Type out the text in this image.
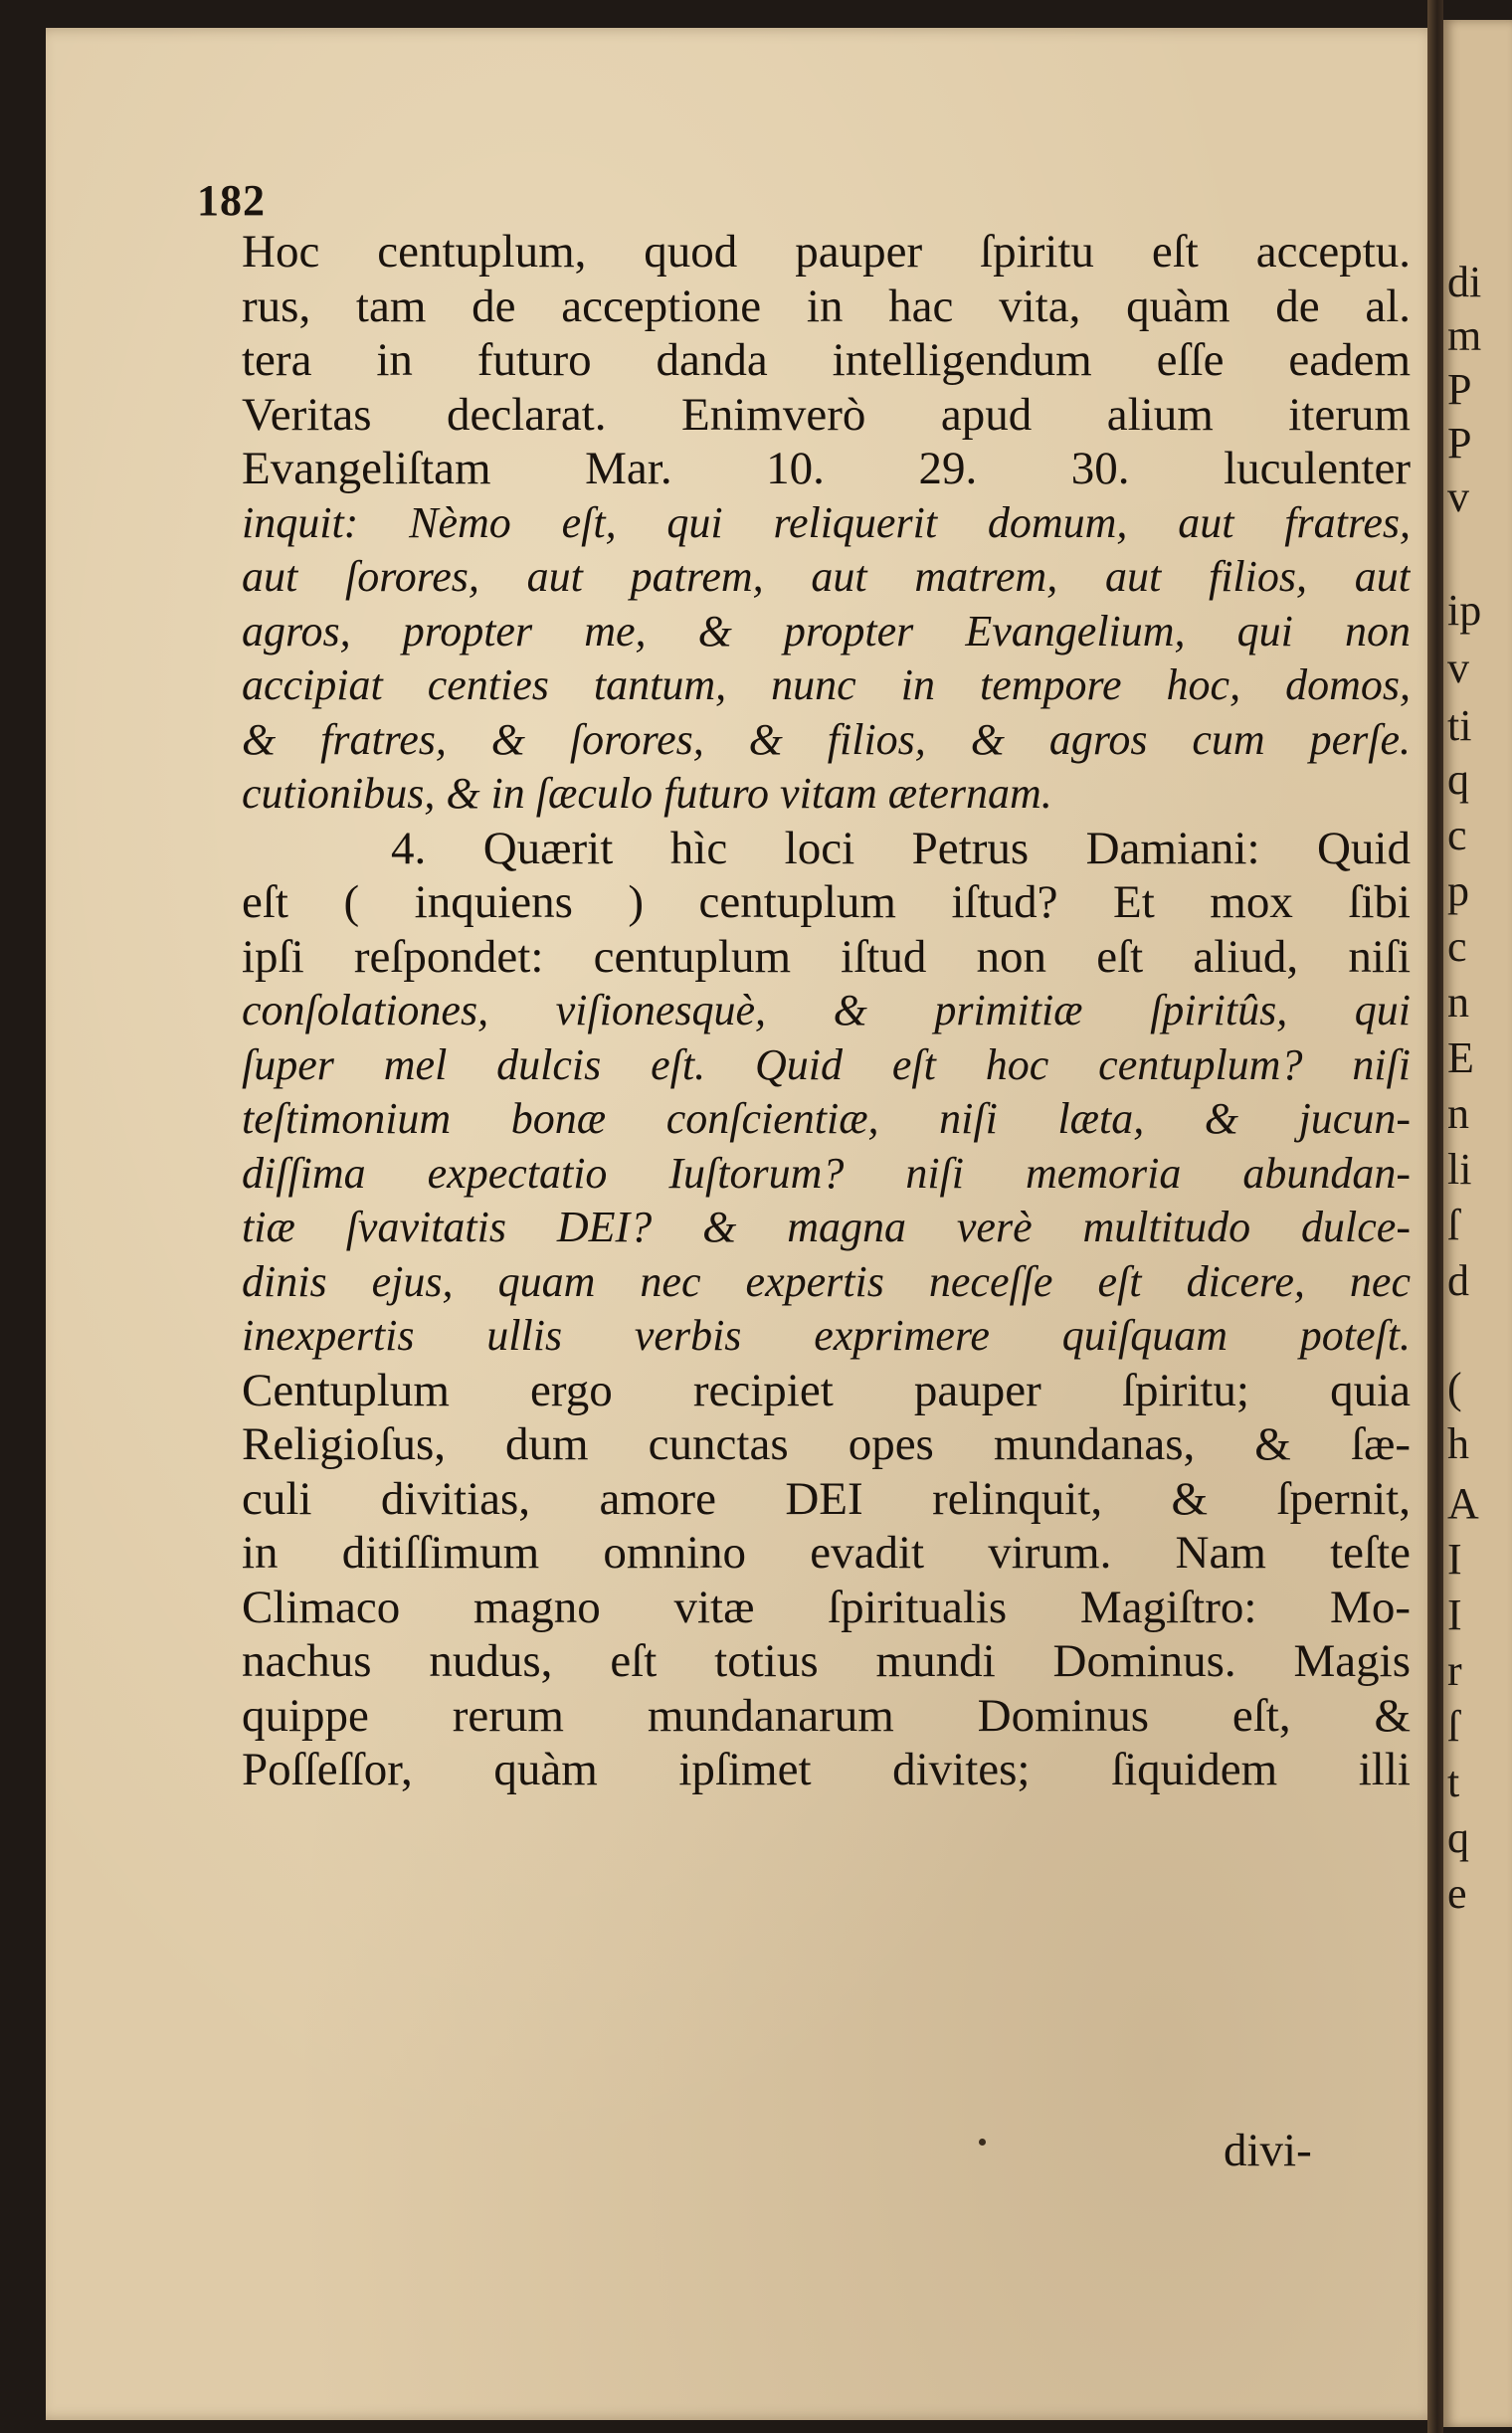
di
m
P
P
v
ip
v
ti
q
c
p
c
n
E
n
li
ſ
d
(
h
A
I
I
r
ſ
t
q
e
182
Hoc centuplum, quod pauper ſpiritu eſt acceptu.
rus, tam de acceptione in hac vita, quàm de al.
tera in futuro danda intelligendum eſſe eadem
Veritas declarat. Enimverò apud alium iterum
Evangeliſtam Mar. 10. 29. 30. luculenter
inquit: Nèmo eſt, qui reliquerit domum, aut fratres,
aut ſorores, aut patrem, aut matrem, aut filios, aut
agros, propter me, & propter Evangelium, qui non
accipiat centies tantum, nunc in tempore hoc, domos,
& fratres, & ſorores, & filios, & agros cum perſe.
cutionibus, & in ſæculo futuro vitam æternam.
4. Quærit hìc loci Petrus Damiani: Quid
eſt ( inquiens ) centuplum iſtud? Et mox ſibi
ipſi reſpondet: centuplum iſtud non eſt aliud, niſi
conſolationes, viſionesquè, & primitiæ ſpiritûs, qui
ſuper mel dulcis eſt. Quid eſt hoc centuplum? niſi
teſtimonium bonæ conſcientiæ, niſi læta, & jucun-
diſſima expectatio Iuſtorum? niſi memoria abundan-
tiæ ſvavitatis DEI? & magna verè multitudo dulce-
dinis ejus, quam nec expertis neceſſe eſt dicere, nec
inexpertis ullis verbis exprimere quiſquam poteſt.
Centuplum ergo recipiet pauper ſpiritu; quia
Religioſus, dum cunctas opes mundanas, & ſæ-
culi divitias, amore DEI relinquit, & ſpernit,
in ditiſſimum omnino evadit virum. Nam teſte
Climaco magno vitæ ſpiritualis Magiſtro: Mo-
nachus nudus, eſt totius mundi Dominus. Magis
quippe rerum mundanarum Dominus eſt, &
Poſſeſſor, quàm ipſimet divites; ſiquidem illi
divi-
